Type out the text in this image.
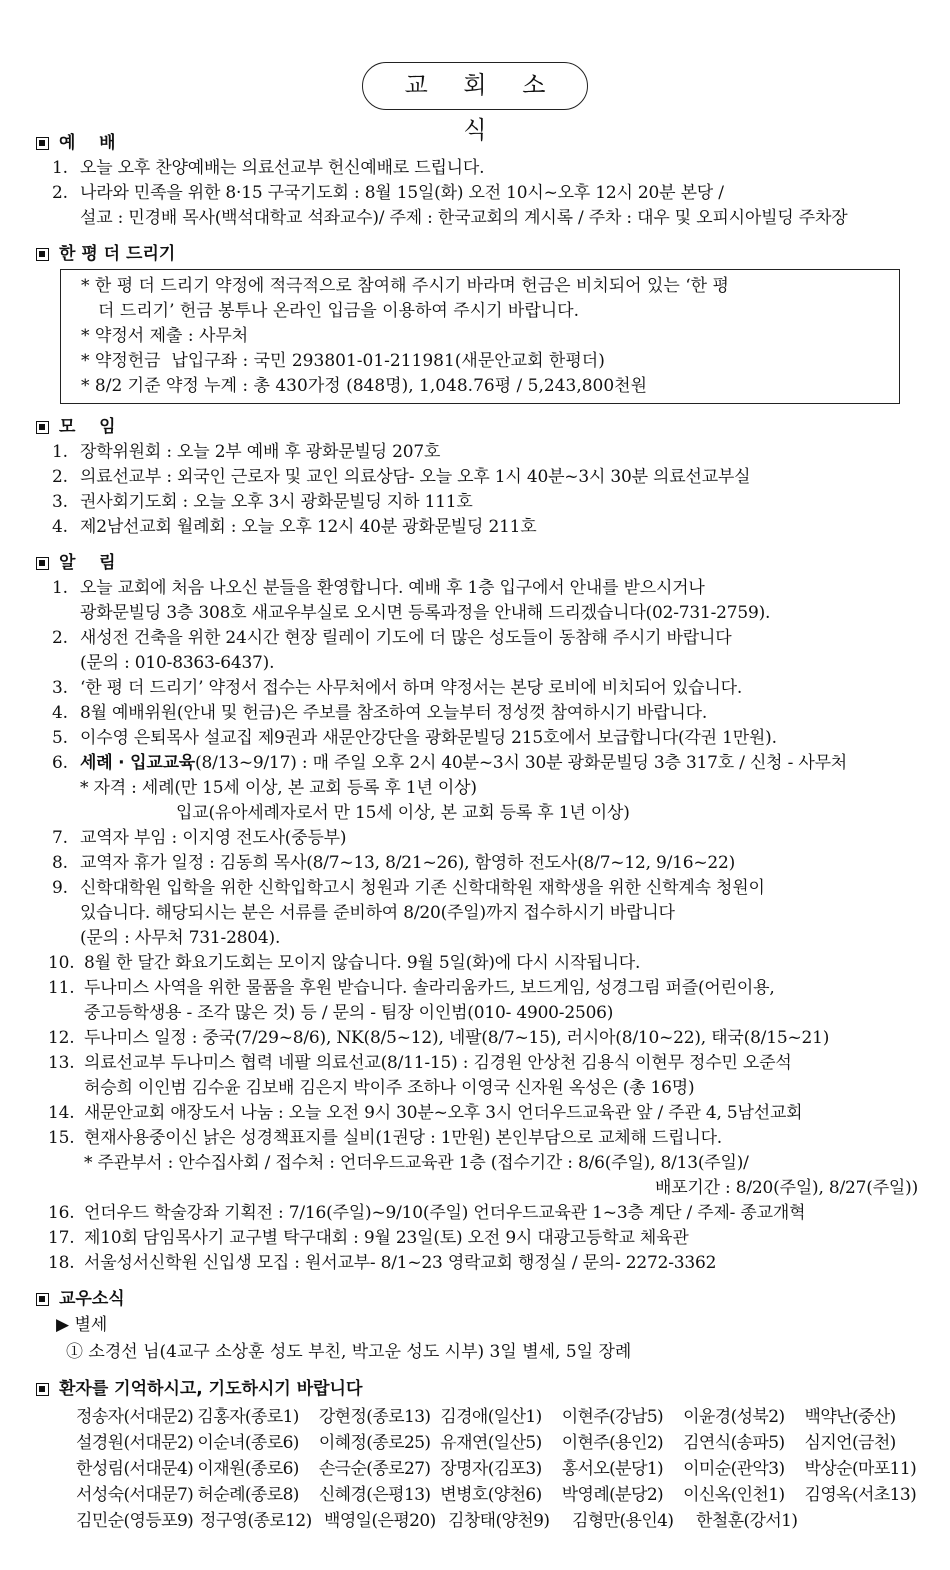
교 회 소 식
예    배
1. 오늘 오후 찬양예배는 의료선교부 헌신예배로 드립니다.
2. 나라와 민족을 위한 8·15 구국기도회 : 8월 15일(화) 오전 10시~오후 12시 20분 본당 /
설교 : 민경배 목사(백석대학교 석좌교수)/ 주제 : 한국교회의 계시록 / 주차 : 대우 및 오피시아빌딩 주차장
한 평 더 드리기
* 한 평 더 드리기 약정에 적극적으로 참여해 주시기 바라며 헌금은 비치되어 있는 ‘한 평
더 드리기’ 헌금 봉투나 온라인 입금을 이용하여 주시기 바랍니다.
* 약정서 제출 : 사무처
* 약정헌금  납입구좌 : 국민 293801-01-211981(새문안교회 한평더)
* 8/2 기준 약정 누계 : 총 430가정 (848명), 1,048.76평 / 5,243,800천원
모    임
1. 장학위원회 : 오늘 2부 예배 후 광화문빌딩 207호
2. 의료선교부 : 외국인 근로자 및 교인 의료상담- 오늘 오후 1시 40분~3시 30분 의료선교부실
3. 권사회기도회 : 오늘 오후 3시 광화문빌딩 지하 111호
4. 제2남선교회 월례회 : 오늘 오후 12시 40분 광화문빌딩 211호
알    림
1. 오늘 교회에 처음 나오신 분들을 환영합니다. 예배 후 1층 입구에서 안내를 받으시거나
광화문빌딩 3층 308호 새교우부실로 오시면 등록과정을 안내해 드리겠습니다(02-731-2759).
2. 새성전 건축을 위한 24시간 현장 릴레이 기도에 더 많은 성도들이 동참해 주시기 바랍니다
(문의 : 010-8363-6437).
3. ‘한 평 더 드리기’ 약정서 접수는 사무처에서 하며 약정서는 본당 로비에 비치되어 있습니다.
4. 8월 예배위원(안내 및 헌금)은 주보를 참조하여 오늘부터 정성껏 참여하시기 바랍니다.
5. 이수영 은퇴목사 설교집 제9권과 새문안강단을 광화문빌딩 215호에서 보급합니다(각권 1만원).
6. 세례 · 입교교육(8/13~9/17) : 매 주일 오후 2시 40분~3시 30분 광화문빌딩 3층 317호 / 신청 - 사무처
* 자격 : 세례(만 15세 이상, 본 교회 등록 후 1년 이상)
입교(유아세례자로서 만 15세 이상, 본 교회 등록 후 1년 이상)
7. 교역자 부임 : 이지영 전도사(중등부)
8. 교역자 휴가 일정 : 김동희 목사(8/7~13, 8/21~26), 함영하 전도사(8/7~12, 9/16~22)
9. 신학대학원 입학을 위한 신학입학고시 청원과 기존 신학대학원 재학생을 위한 신학계속 청원이
있습니다. 해당되시는 분은 서류를 준비하여 8/20(주일)까지 접수하시기 바랍니다
(문의 : 사무처 731-2804).
10. 8월 한 달간 화요기도회는 모이지 않습니다. 9월 5일(화)에 다시 시작됩니다.
11. 두나미스 사역을 위한 물품을 후원 받습니다. 솔라리움카드, 보드게임, 성경그림 퍼즐(어린이용,
중고등학생용 - 조각 많은 것) 등 / 문의 - 팀장 이인범(010- 4900-2506)
12. 두나미스 일정 : 중국(7/29~8/6), NK(8/5~12), 네팔(8/7~15), 러시아(8/10~22), 태국(8/15~21)
13. 의료선교부 두나미스 협력 네팔 의료선교(8/11-15) : 김경원 안상천 김용식 이현무 정수민 오준석
허승희 이인범 김수윤 김보배 김은지 박이주 조하나 이영국 신자원 옥성은 (총 16명)
14. 새문안교회 애장도서 나눔 : 오늘 오전 9시 30분~오후 3시 언더우드교육관 앞 / 주관 4, 5남선교회
15. 현재사용중이신 낡은 성경책표지를 실비(1권당 : 1만원) 본인부담으로 교체해 드립니다.
* 주관부서 : 안수집사회 / 접수처 : 언더우드교육관 1층 (접수기간 : 8/6(주일), 8/13(주일)/
배포기간 : 8/20(주일), 8/27(주일))
16. 언더우드 학술강좌 기획전 : 7/16(주일)~9/10(주일) 언더우드교육관 1~3층 계단 / 주제- 종교개혁
17. 제10회 담임목사기 교구별 탁구대회 : 9월 23일(토) 오전 9시 대광고등학교 체육관
18. 서울성서신학원 신입생 모집 : 원서교부- 8/1~23 영락교회 행정실 / 문의- 2272-3362
교우소식
▶ 별세
① 소경선 님(4교구 소상훈 성도 부친, 박고운 성도 시부) 3일 별세, 5일 장례
환자를 기억하시고, 기도하시기 바랍니다
정송자(서대문2) 김홍자(종로1)	강현정(종로13) 김경애(일산1)	이현주(강남5)	이윤경(성북2)	백약난(중산)
설경원(서대문2) 이순녀(종로6)	이혜정(종로25) 유재연(일산5)	이현주(용인2)	김연식(송파5)	심지언(금천)
한성림(서대문4) 이재원(종로6)	손극순(종로27) 장명자(김포3)	홍서오(분당1)	이미순(관악3)	박상순(마포11)
서성숙(서대문7) 허순례(종로8)	신혜경(은평13) 변병호(양천6)	박영례(분당2)	이신옥(인천1)	김영옥(서초13)
김민순(영등포9) 정구영(종로12) 백영일(은평20) 김창태(양천9)	김형만(용인4)	한철훈(강서1)
